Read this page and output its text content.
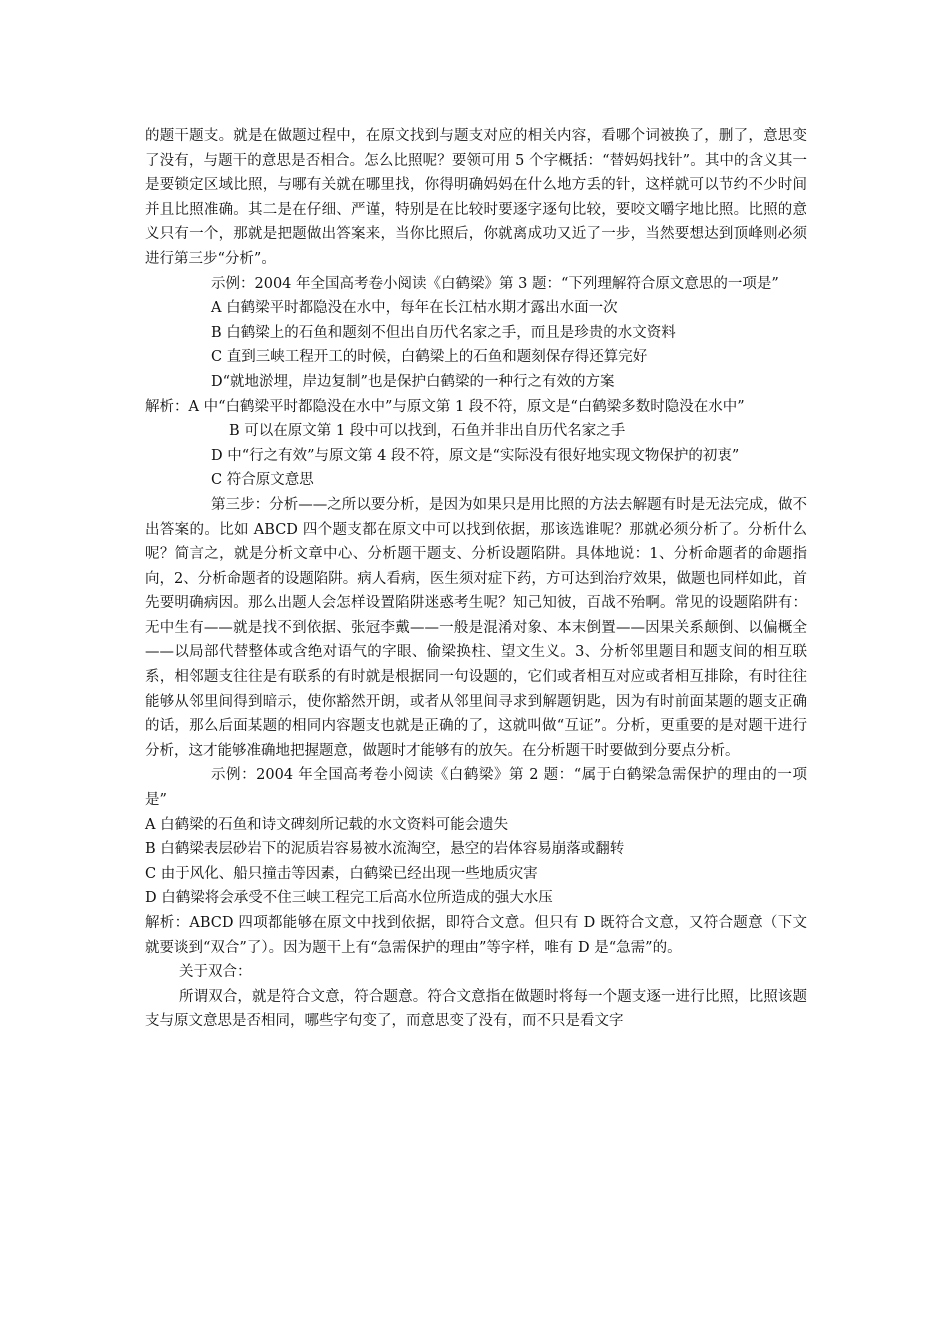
的题干题支。就是在做题过程中，在原文找到与题支对应的相关内容，看哪个词被换了，删了，意思变了没有，与题干的意思是否相合。怎么比照呢？要领可用 5 个字概括：“替妈妈找针”。其中的含义其一是要锁定区域比照，与哪有关就在哪里找，你得明确妈妈在什么地方丢的针，这样就可以节约不少时间并且比照准确。其二是在仔细、严谨，特别是在比较时要逐字逐句比较，要咬文嚼字地比照。比照的意义只有一个，那就是把题做出答案来，当你比照后，你就离成功又近了一步，当然要想达到顶峰则必须进行第三步“分析”。

示例：2004 年全国高考卷小阅读《白鹤梁》第 3 题：“下列理解符合原文意思的一项是”

A 白鹤梁平时都隐没在水中，每年在长江枯水期才露出水面一次

B 白鹤梁上的石鱼和题刻不但出自历代名家之手，而且是珍贵的水文资料

C 直到三峡工程开工的时候，白鹤梁上的石鱼和题刻保存得还算完好

D“就地淤埋，岸边复制”也是保护白鹤梁的一种行之有效的方案

解析：A 中“白鹤梁平时都隐没在水中”与原文第 1 段不符，原文是“白鹤梁多数时隐没在水中”

B 可以在原文第 1 段中可以找到，石鱼并非出自历代名家之手

D 中“行之有效”与原文第 4 段不符，原文是“实际没有很好地实现文物保护的初衷”

C 符合原文意思

第三步：分析——之所以要分析，是因为如果只是用比照的方法去解题有时是无法完成，做不出答案的。比如 ABCD 四个题支都在原文中可以找到依据，那该选谁呢？那就必须分析了。分析什么呢？简言之，就是分析文章中心、分析题干题支、分析设题陷阱。具体地说：1、分析命题者的命题指向，2、分析命题者的设题陷阱。病人看病，医生须对症下药，方可达到治疗效果，做题也同样如此，首先要明确病因。那么出题人会怎样设置陷阱迷惑考生呢？知己知彼，百战不殆啊。常见的设题陷阱有：无中生有——就是找不到依据、张冠李戴——一般是混淆对象、本末倒置——因果关系颠倒、以偏概全——以局部代替整体或含绝对语气的字眼、偷梁换柱、望文生义。3、分析邻里题目和题支间的相互联系，相邻题支往往是有联系的有时就是根据同一句设题的，它们或者相互对应或者相互排除，有时往往能够从邻里间得到暗示，使你豁然开朗，或者从邻里间寻求到解题钥匙，因为有时前面某题的题支正确的话，那么后面某题的相同内容题支也就是正确的了，这就叫做“互证”。分析，更重要的是对题干进行分析，这才能够准确地把握题意，做题时才能够有的放矢。在分析题干时要做到分要点分析。

示例：2004 年全国高考卷小阅读《白鹤梁》第 2 题：“属于白鹤梁急需保护的理由的一项是”

A 白鹤梁的石鱼和诗文碑刻所记载的水文资料可能会遗失

B 白鹤梁表层砂岩下的泥质岩容易被水流淘空，悬空的岩体容易崩落或翻转

C 由于风化、船只撞击等因素，白鹤梁已经出现一些地质灾害

D 白鹤梁将会承受不住三峡工程完工后高水位所造成的强大水压

解析：ABCD 四项都能够在原文中找到依据，即符合文意。但只有 D 既符合文意，又符合题意（下文就要谈到“双合”了）。因为题干上有“急需保护的理由”等字样，唯有 D 是“急需”的。

关于双合：

所谓双合，就是符合文意，符合题意。符合文意指在做题时将每一个题支逐一进行比照，比照该题支与原文意思是否相同，哪些字句变了，而意思变了没有，而不只是看文字
